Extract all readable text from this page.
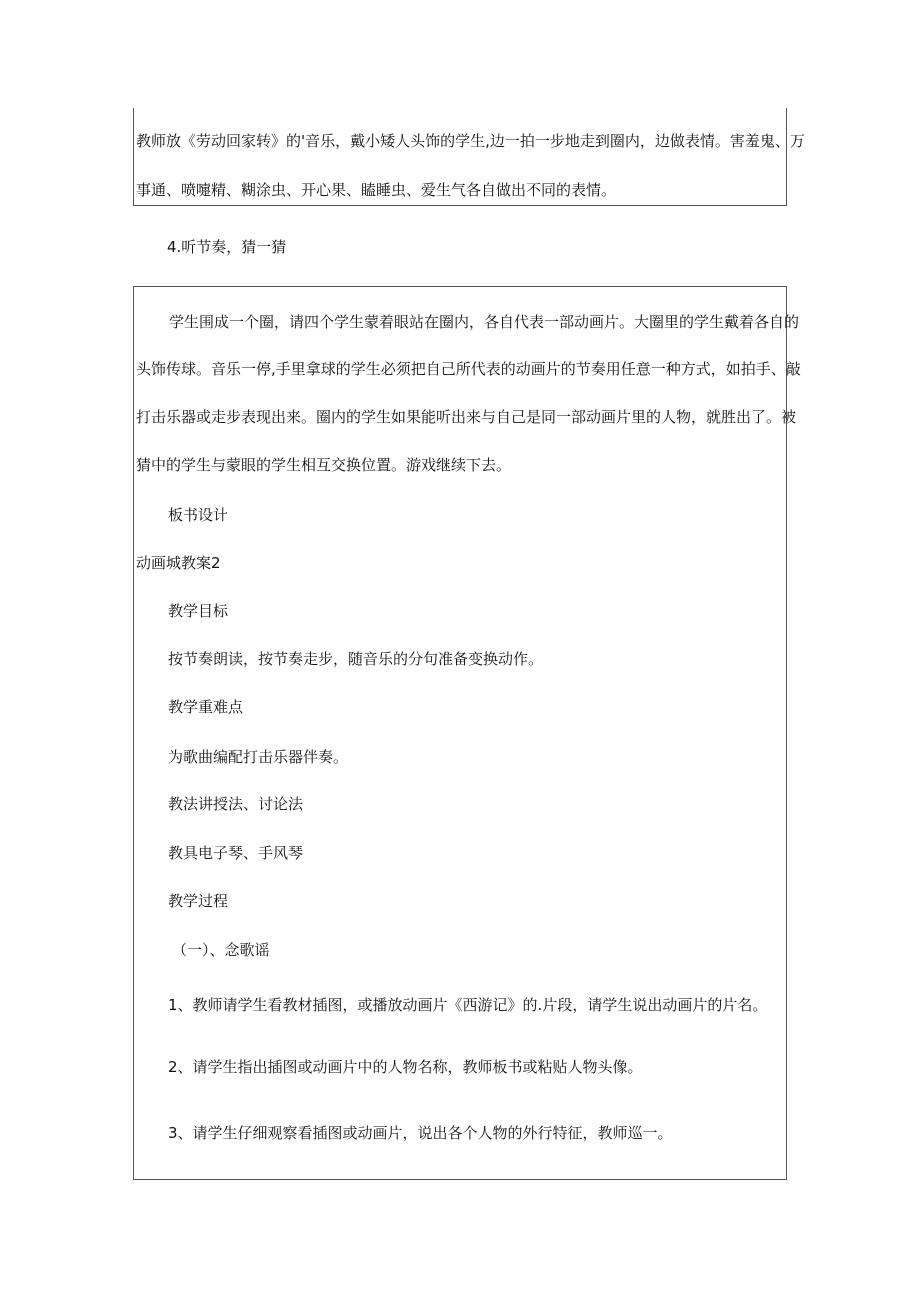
教师放《劳动回家转》的'音乐，戴小矮人头饰的学生,边一拍一步地走到圈内，边做表情。害羞鬼、万

事通、喷嚏精、糊涂虫、开心果、瞌睡虫、爱生气各自做出不同的表情。

4.听节奏，猜一猜

学生围成一个圈，请四个学生蒙着眼站在圈内，各自代表一部动画片。大圈里的学生戴着各自的

头饰传球。音乐一停,手里拿球的学生必须把自己所代表的动画片的节奏用任意一种方式，如拍手、敲

打击乐器或走步表现出来。圈内的学生如果能听出来与自己是同一部动画片里的人物，就胜出了。被

猜中的学生与蒙眼的学生相互交换位置。游戏继续下去。

板书设计

动画城教案2

教学目标

按节奏朗读，按节奏走步，随音乐的分句准备变换动作。

教学重难点

为歌曲编配打击乐器伴奏。

教法讲授法、讨论法

教具电子琴、手风琴

教学过程

（一）、念歌谣

1、教师请学生看教材插图，或播放动画片《西游记》的.片段，请学生说出动画片的片名。

2、请学生指出插图或动画片中的人物名称，教师板书或粘贴人物头像。

3、请学生仔细观察看插图或动画片，说出各个人物的外行特征，教师巡一。
